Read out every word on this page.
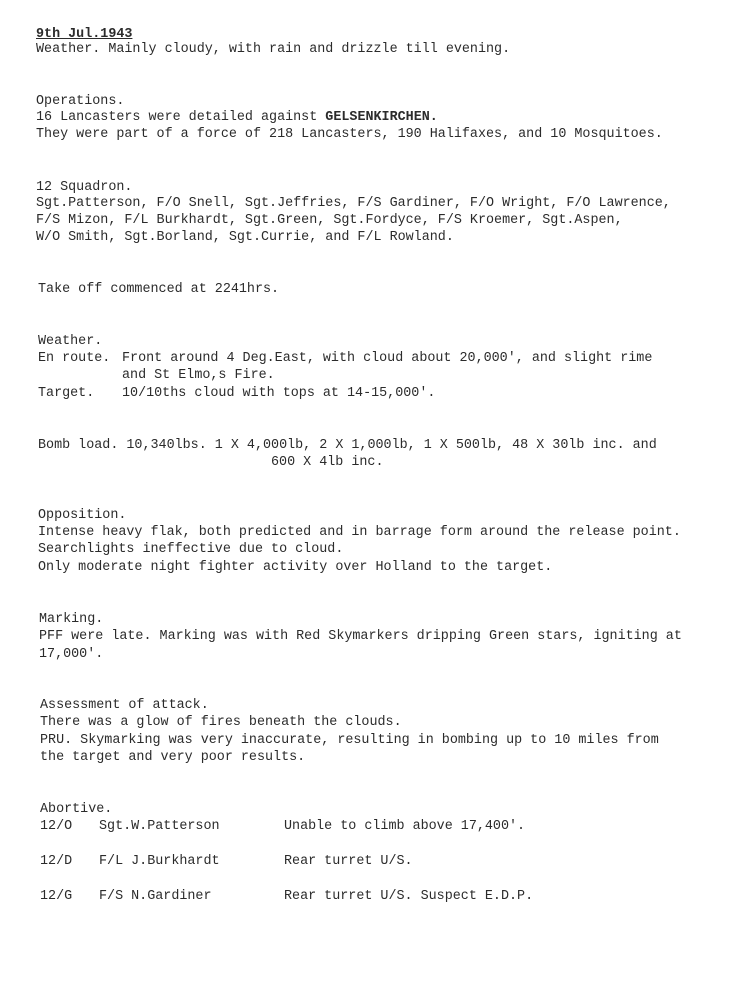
9th Jul.1943
Weather. Mainly cloudy, with rain and drizzle till evening.
Operations.
16 Lancasters were detailed against GELSENKIRCHEN.
They were part of a force of 218 Lancasters, 190 Halifaxes, and 10 Mosquitoes.
12 Squadron.
Sgt.Patterson, F/O Snell, Sgt.Jeffries, F/S Gardiner, F/O Wright, F/O Lawrence,
F/S Mizon, F/L Burkhardt, Sgt.Green, Sgt.Fordyce, F/S Kroemer, Sgt.Aspen,
W/O Smith, Sgt.Borland, Sgt.Currie, and F/L Rowland.
Take off commenced at 2241hrs.
Weather.
En route. Front around 4 Deg.East, with cloud about 20,000', and slight rime
and St Elmo,s Fire.
Target. 10/10ths cloud with tops at 14-15,000'.
Bomb load. 10,340lbs. 1 X 4,000lb, 2 X 1,000lb, 1 X 500lb, 48 X 30lb inc. and
600 X 4lb inc.
Opposition.
Intense heavy flak, both predicted and in barrage form around the release point.
Searchlights ineffective due to cloud.
Only moderate night fighter activity over Holland to the target.
Marking.
PFF were late. Marking was with Red Skymarkers dripping Green stars, igniting at
17,000'.
Assessment of attack.
There was a glow of fires beneath the clouds.
PRU. Skymarking was very inaccurate, resulting in bombing up to 10 miles from
the target and very poor results.
Abortive.
12/O Sgt.W.Patterson	Unable to climb above 17,400'.
12/D F/L J.Burkhardt	Rear turret U/S.
12/G F/S N.Gardiner	Rear turret U/S. Suspect E.D.P.
